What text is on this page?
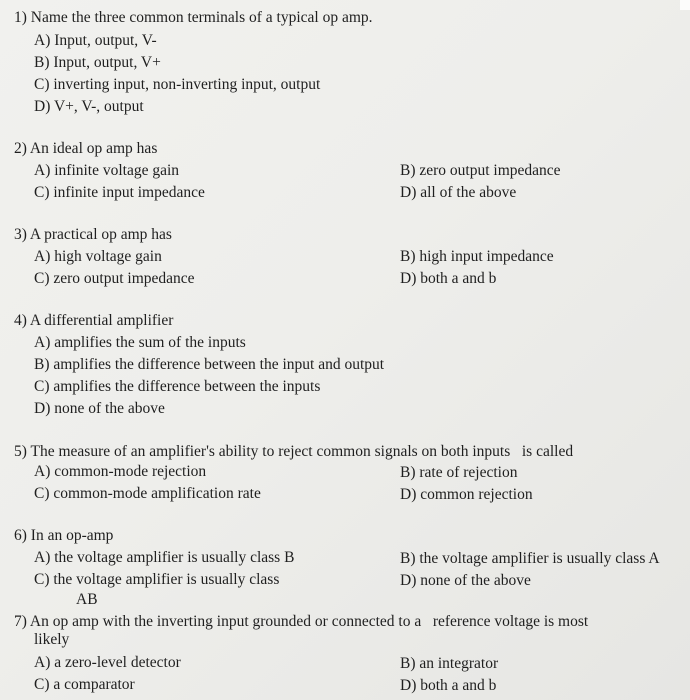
1) Name the three common terminals of a typical op amp.
A) Input, output, V-
B) Input, output, V+
C) inverting input, non-inverting input, output
D) V+, V-, output
2) An ideal op amp has
A) infinite voltage gain	B) zero output impedance
C) infinite input impedance	D) all of the above
3) A practical op amp has
A) high voltage gain	B) high input impedance
C) zero output impedance	D) both a and b
4) A differential amplifier
A) amplifies the sum of the inputs
B) amplifies the difference between the input and output
C) amplifies the difference between the inputs
D) none of the above
5) The measure of an amplifier's ability to reject common signals on both inputs   is called
A) common-mode rejection	B) rate of rejection
C) common-mode amplification rate	D) common rejection
6) In an op-amp
A) the voltage amplifier is usually class B	B) the voltage amplifier is usually class A
C) the voltage amplifier is usually class	D) none of the above
AB
7) An op amp with the inverting input grounded or connected to a   reference voltage is most
likely
A) a zero-level detector	B) an integrator
C) a comparator	D) both a and b
